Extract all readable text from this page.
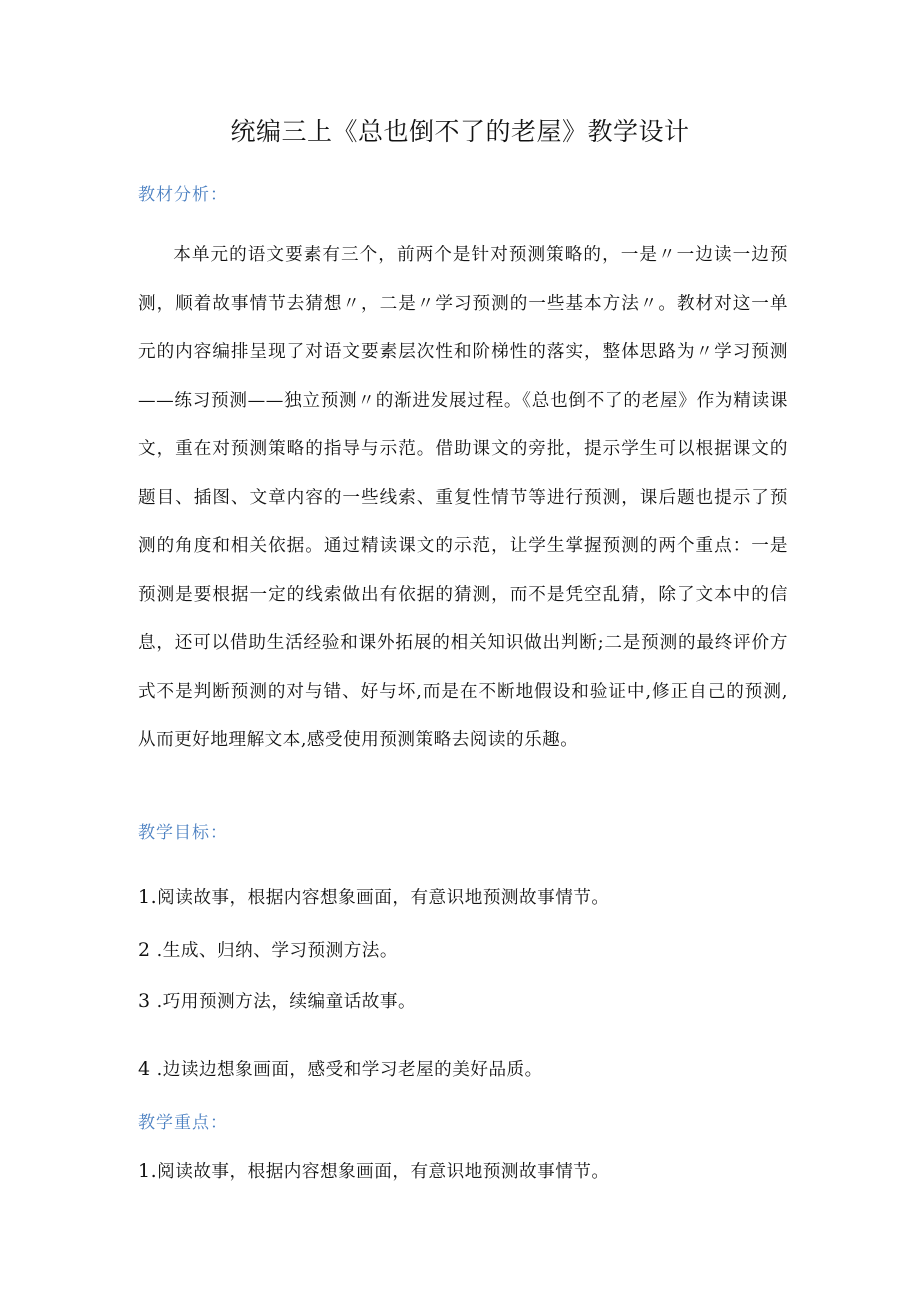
统编三上《总也倒不了的老屋》教学设计
教材分析：

本单元的语文要素有三个，前两个是针对预测策略的，一是〃一边读一边预测，顺着故事情节去猜想〃，二是〃学习预测的一些基本方法〃。教材对这一单元的内容编排呈现了对语文要素层次性和阶梯性的落实，整体思路为〃学习预测——练习预测——独立预测〃的渐进发展过程。《总也倒不了的老屋》作为精读课文，重在对预测策略的指导与示范。借助课文的旁批，提示学生可以根据课文的题目、插图、文章内容的一些线索、重复性情节等进行预测，课后题也提示了预测的角度和相关依据。通过精读课文的示范，让学生掌握预测的两个重点：一是预测是要根据一定的线索做出有依据的猜测，而不是凭空乱猜，除了文本中的信息，还可以借助生活经验和课外拓展的相关知识做出判断;二是预测的最终评价方式不是判断预测的对与错、好与坏,而是在不断地假设和验证中,修正自己的预测,从而更好地理解文本,感受使用预测策略去阅读的乐趣。

教学目标：

1.阅读故事，根据内容想象画面，有意识地预测故事情节。

2 .生成、归纳、学习预测方法。

3 .巧用预测方法，续编童话故事。

4 .边读边想象画面，感受和学习老屋的美好品质。

教学重点：

1.阅读故事，根据内容想象画面，有意识地预测故事情节。
